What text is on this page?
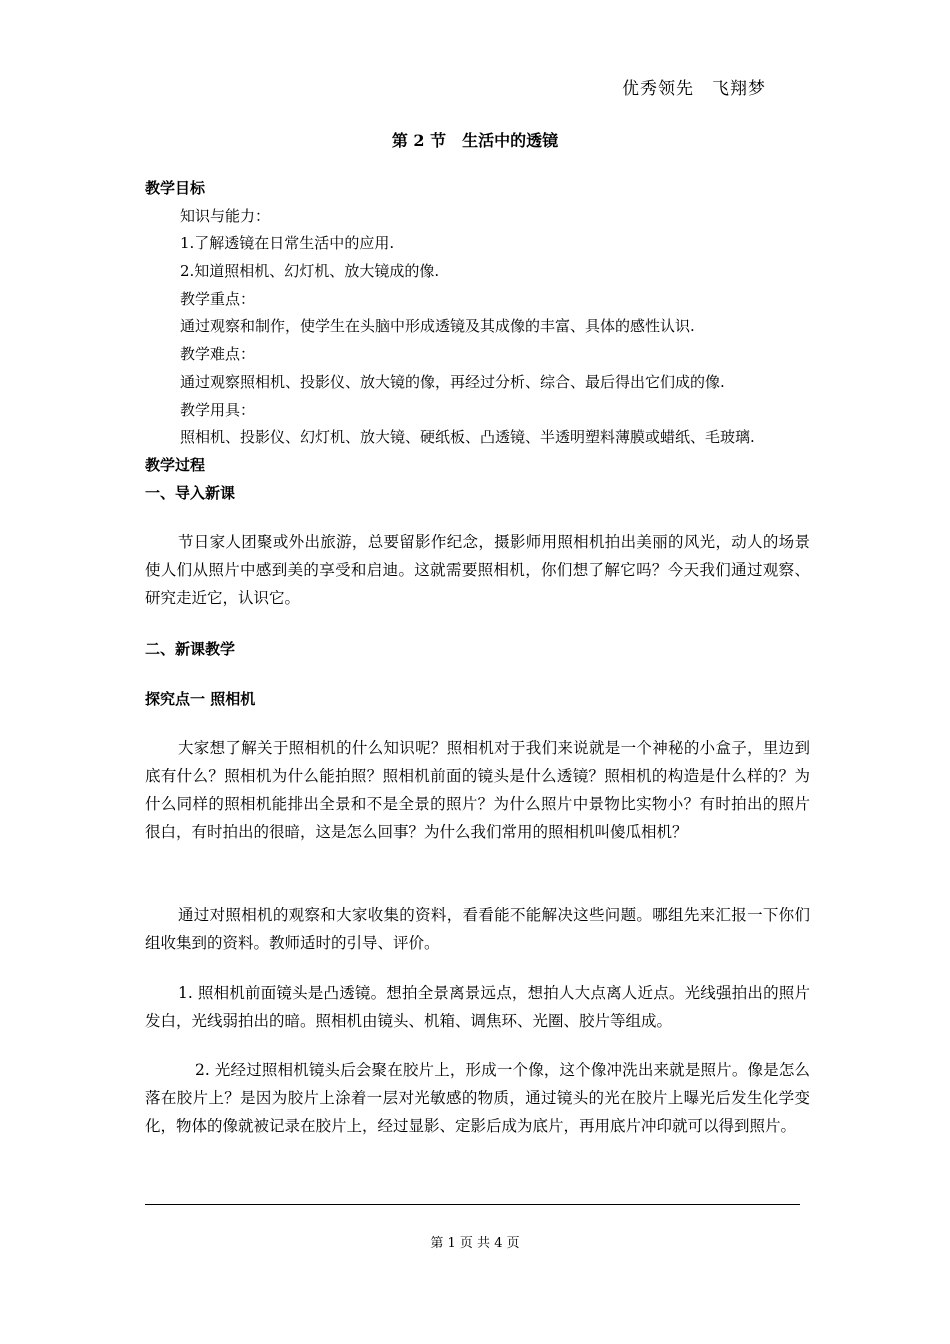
优秀领先　飞翔梦
第 2 节　生活中的透镜
教学目标
知识与能力：
1.了解透镜在日常生活中的应用.
2.知道照相机、幻灯机、放大镜成的像.
教学重点：
通过观察和制作，使学生在头脑中形成透镜及其成像的丰富、具体的感性认识.
教学难点：
通过观察照相机、投影仪、放大镜的像，再经过分析、综合、最后得出它们成的像.
教学用具：
照相机、投影仪、幻灯机、放大镜、硬纸板、凸透镜、半透明塑料薄膜或蜡纸、毛玻璃.
教学过程
一、导入新课
节日家人团聚或外出旅游，总要留影作纪念，摄影师用照相机拍出美丽的风光，动人的场景使人们从照片中感到美的享受和启迪。这就需要照相机，你们想了解它吗？今天我们通过观察、研究走近它，认识它。
二、新课教学
探究点一 照相机
大家想了解关于照相机的什么知识呢？照相机对于我们来说就是一个神秘的小盒子，里边到底有什么？照相机为什么能拍照？照相机前面的镜头是什么透镜？照相机的构造是什么样的？为什么同样的照相机能排出全景和不是全景的照片？为什么照片中景物比实物小？有时拍出的照片很白，有时拍出的很暗，这是怎么回事？为什么我们常用的照相机叫傻瓜相机？
通过对照相机的观察和大家收集的资料，看看能不能解决这些问题。哪组先来汇报一下你们组收集到的资料。教师适时的引导、评价。
1. 照相机前面镜头是凸透镜。想拍全景离景远点，想拍人大点离人近点。光线强拍出的照片发白，光线弱拍出的暗。照相机由镜头、机箱、调焦环、光圈、胶片等组成。
2. 光经过照相机镜头后会聚在胶片上，形成一个像，这个像冲洗出来就是照片。像是怎么落在胶片上？是因为胶片上涂着一层对光敏感的物质，通过镜头的光在胶片上曝光后发生化学变化，物体的像就被记录在胶片上，经过显影、定影后成为底片，再用底片冲印就可以得到照片。
第 1 页 共 4 页
